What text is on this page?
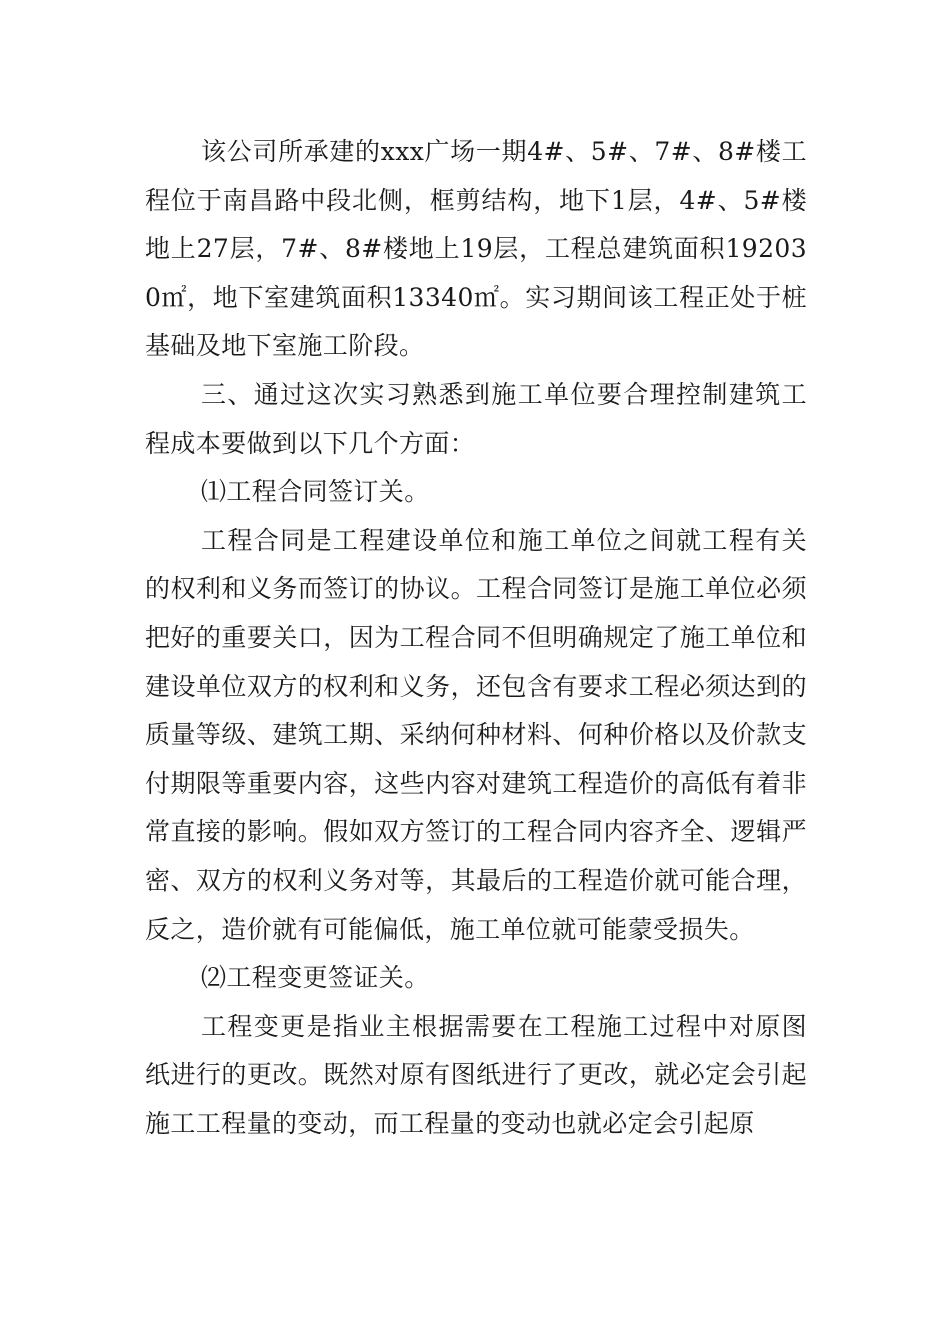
该公司所承建的xxx广场一期4#、5#、7#、8#楼工程位于南昌路中段北侧，框剪结构，地下1层，4#、5#楼地上27层，7#、8#楼地上19层，工程总建筑面积192030㎡，地下室建筑面积13340㎡。实习期间该工程正处于桩基础及地下室施工阶段。

三、通过这次实习熟悉到施工单位要合理控制建筑工程成本要做到以下几个方面：

⑴工程合同签订关。

工程合同是工程建设单位和施工单位之间就工程有关的权利和义务而签订的协议。工程合同签订是施工单位必须把好的重要关口，因为工程合同不但明确规定了施工单位和建设单位双方的权利和义务，还包含有要求工程必须达到的质量等级、建筑工期、采纳何种材料、何种价格以及价款支付期限等重要内容，这些内容对建筑工程造价的高低有着非常直接的影响。假如双方签订的工程合同内容齐全、逻辑严密、双方的权利义务对等，其最后的工程造价就可能合理，反之，造价就有可能偏低，施工单位就可能蒙受损失。

⑵工程变更签证关。

工程变更是指业主根据需要在工程施工过程中对原图纸进行的更改。既然对原有图纸进行了更改，就必定会引起施工工程量的变动，而工程量的变动也就必定会引起原
